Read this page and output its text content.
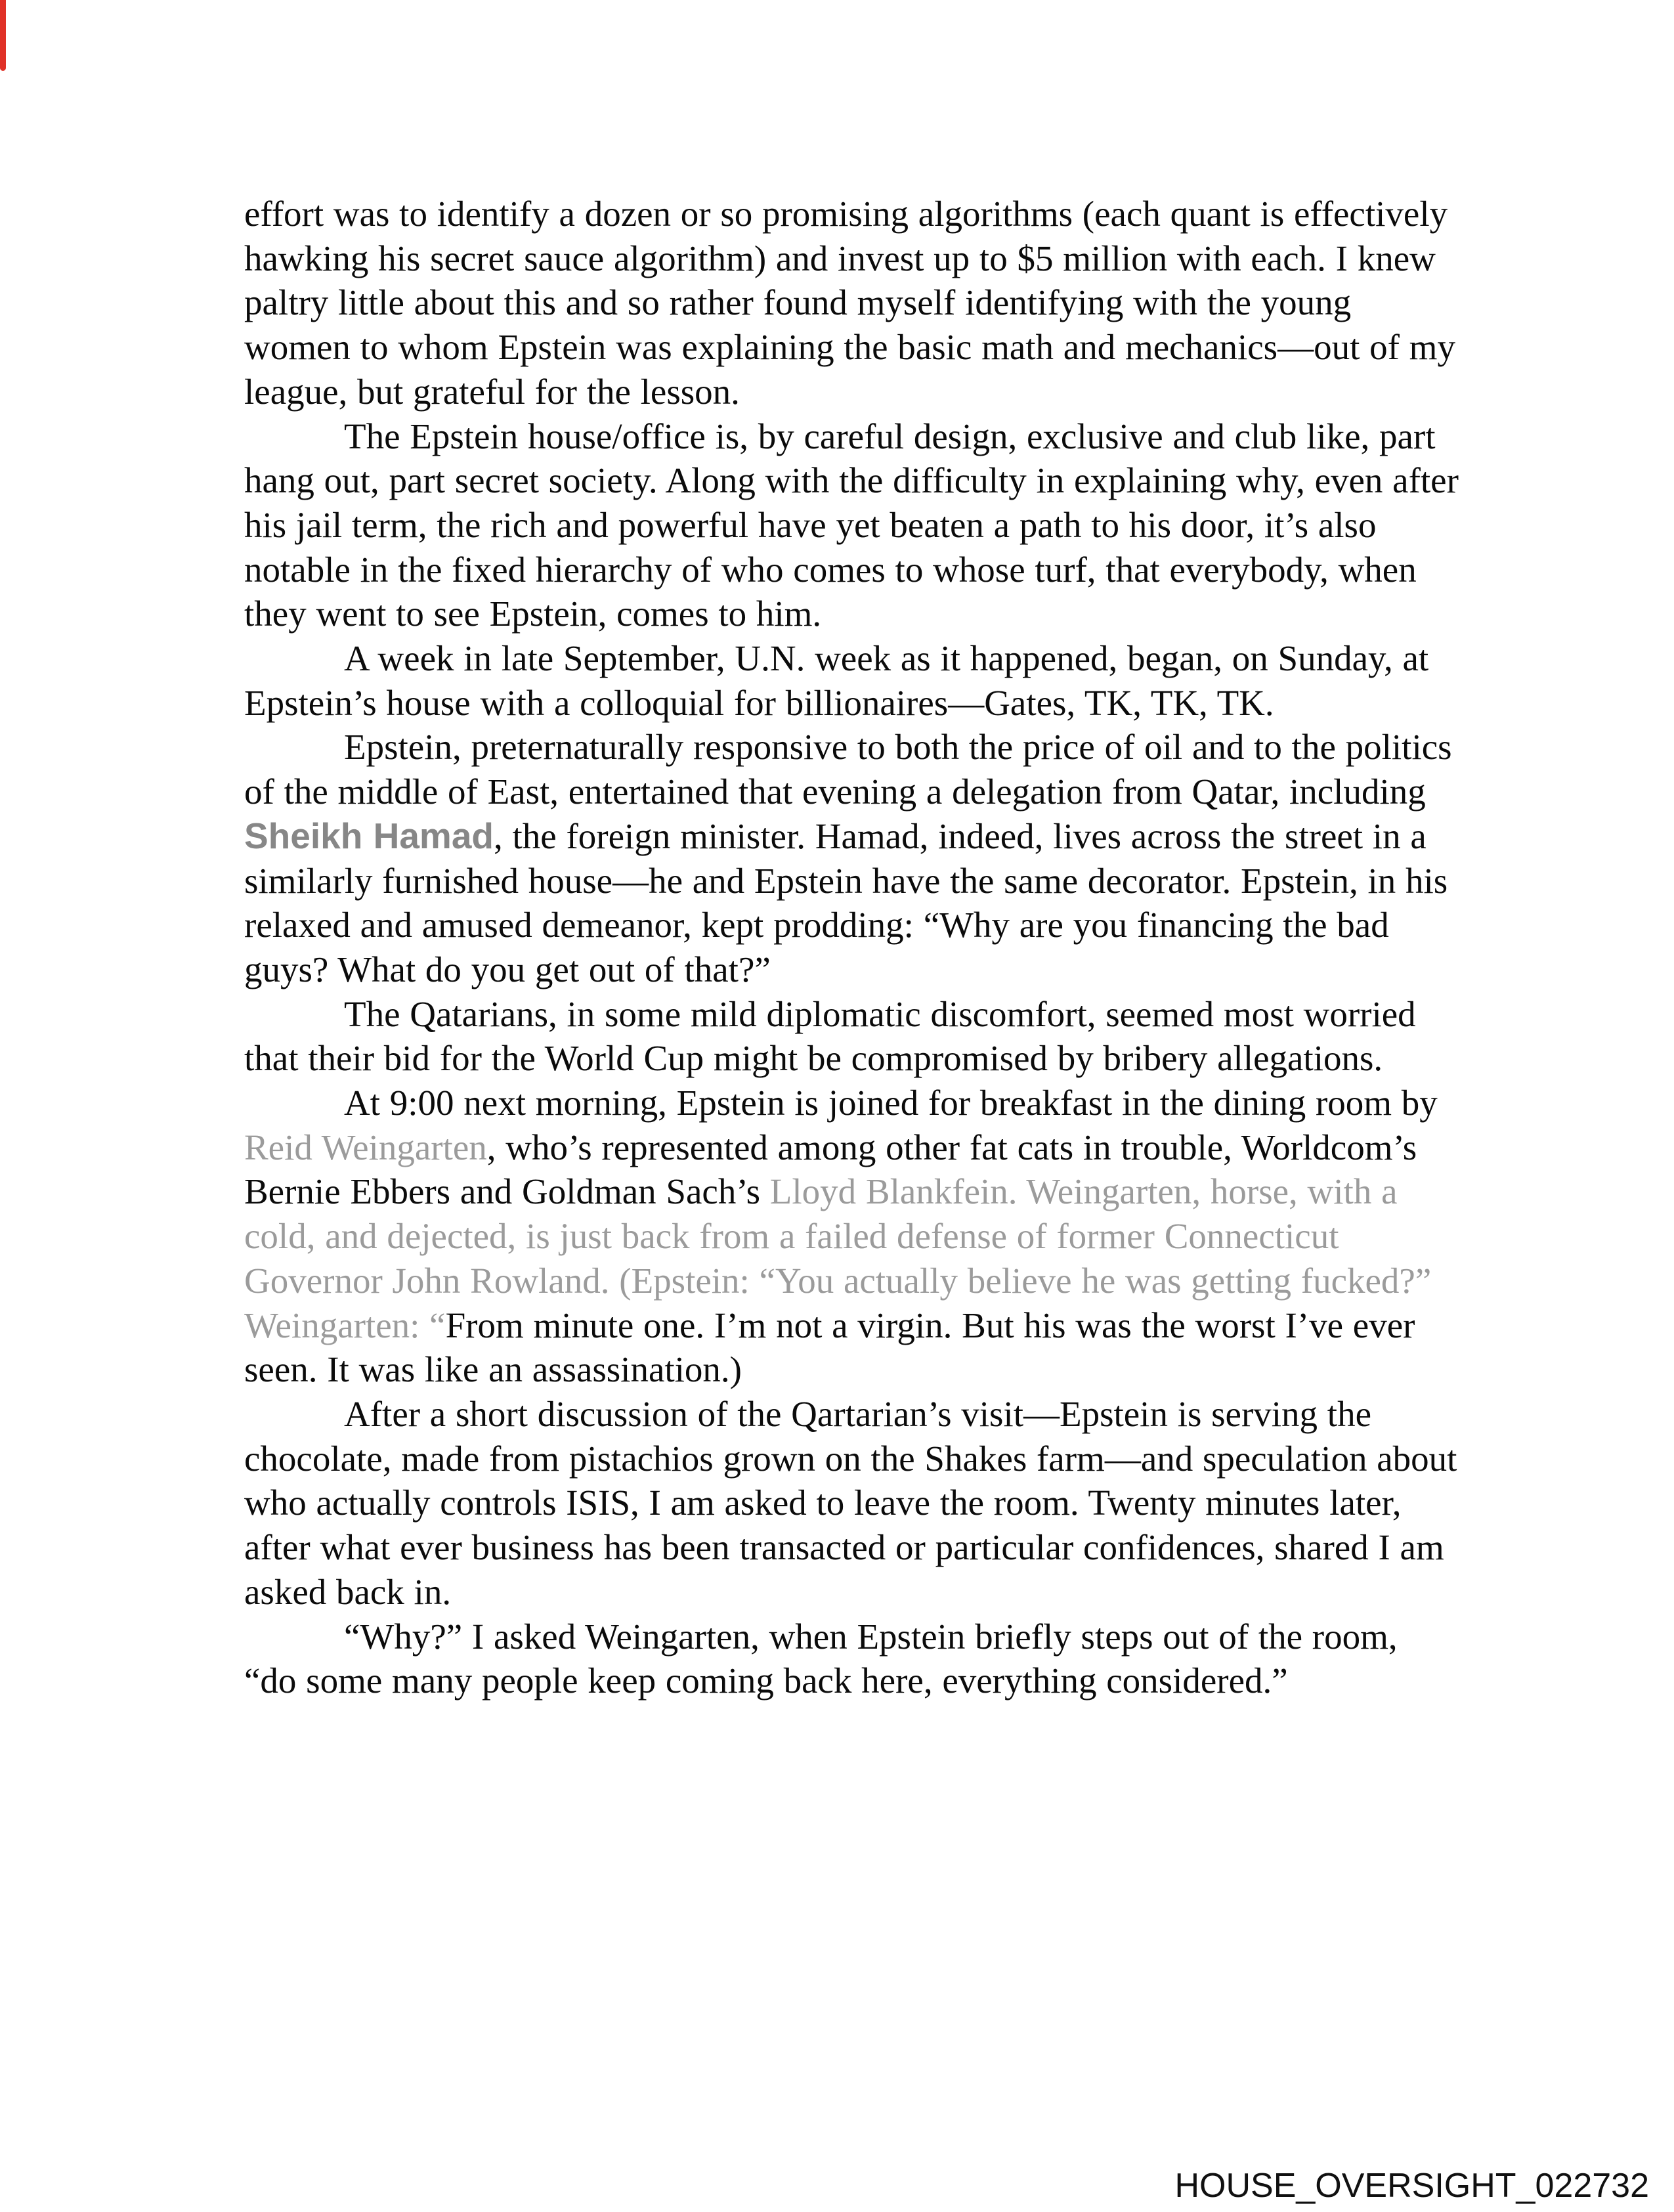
effort was to identify a dozen or so promising algorithms (each quant is effectively hawking his secret sauce algorithm) and invest up to $5 million with each. I knew paltry little about this and so rather found myself identifying with the young women to whom Epstein was explaining the basic math and mechanics—out of my league, but grateful for the lesson.

The Epstein house/office is, by careful design, exclusive and club like, part hang out, part secret society. Along with the difficulty in explaining why, even after his jail term, the rich and powerful have yet beaten a path to his door, it’s also notable in the fixed hierarchy of who comes to whose turf, that everybody, when they went to see Epstein, comes to him.

A week in late September, U.N. week as it happened, began, on Sunday, at Epstein’s house with a colloquial for billionaires—Gates, TK, TK, TK.

Epstein, preternaturally responsive to both the price of oil and to the politics of the middle of East, entertained that evening a delegation from Qatar, including Sheikh Hamad, the foreign minister. Hamad, indeed, lives across the street in a similarly furnished house—he and Epstein have the same decorator. Epstein, in his relaxed and amused demeanor, kept prodding: “Why are you financing the bad guys? What do you get out of that?”

The Qatarians, in some mild diplomatic discomfort, seemed most worried that their bid for the World Cup might be compromised by bribery allegations.

At 9:00 next morning, Epstein is joined for breakfast in the dining room by Reid Weingarten, who’s represented among other fat cats in trouble, Worldcom’s Bernie Ebbers and Goldman Sach’s Lloyd Blankfein. Weingarten, horse, with a cold, and dejected, is just back from a failed defense of former Connecticut Governor John Rowland. (Epstein: “You actually believe he was getting fucked?” Weingarten: “From minute one. I’m not a virgin. But his was the worst I’ve ever seen. It was like an assassination.)

After a short discussion of the Qartarian’s visit—Epstein is serving the chocolate, made from pistachios grown on the Shakes farm—and speculation about who actually controls ISIS, I am asked to leave the room. Twenty minutes later, after what ever business has been transacted or particular confidences, shared I am asked back in.

“Why?” I asked Weingarten, when Epstein briefly steps out of the room, “do some many people keep coming back here, everything considered.”

HOUSE_OVERSIGHT_022732
